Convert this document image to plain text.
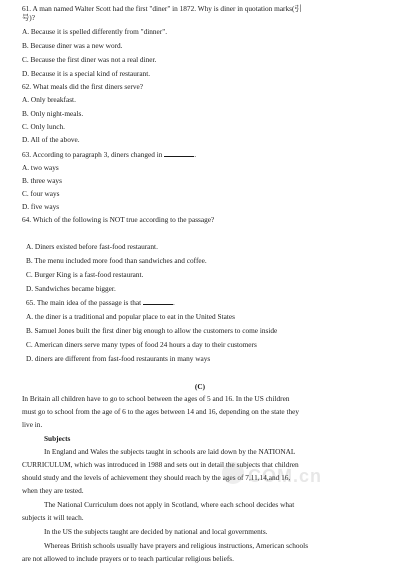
61. A man named Walter Scott had the first "diner" in 1872. Why is diner in quotation marks(引
号)?
A. Because it is spelled differently from "dinner".
B. Because diner was a new word.
C. Because the first diner was not a real diner.
D. Because it is a special kind of restaurant.
62. What meals did the first diners serve?
A. Only breakfast.
B. Only night-meals.
C. Only lunch.
D. All of the above.
63. According to paragraph 3, diners changed in	.
A. two ways
B. three ways
C. four ways
D. five ways
64. Which of the following is NOT true according to the passage?
A. Diners existed before fast-food restaurant.
B. The menu included more food than sandwiches and coffee.
C. Burger King is a fast-food restaurant.
D. Sandwiches became bigger.
65. The main idea of the passage is that	.
A. the diner is a traditional and popular place to eat in the United States
B. Samuel Jones built the first diner big enough to allow the customers to come inside
C. American diners serve many types of food 24 hours a day to their customers
D. diners are different from fast-food restaurants in many ways
(C)
In Britain all children have to go to school between the ages of 5 and 16. In the US children
must go to school from the age of 6 to the ages between 14 and 16, depending on the state they
live in.
Subjects
In England and Wales the subjects taught in schools are laid down by the NATIONAL
CURRICULUM, which was introduced in 1988 and sets out in detail the subjects that children
should study and the levels of achievement they should reach by the ages of 7,11,14,and 16,
when they are tested.
The National Curriculum does not apply in Scotland, where each school decides what
subjects it will teach.
In the US the subjects taught are decided by national and local governments.
Whereas British schools usually have prayers and religious instructions, American schools
are not allowed to include prayers or to teach particular religious beliefs.
COM.cn
